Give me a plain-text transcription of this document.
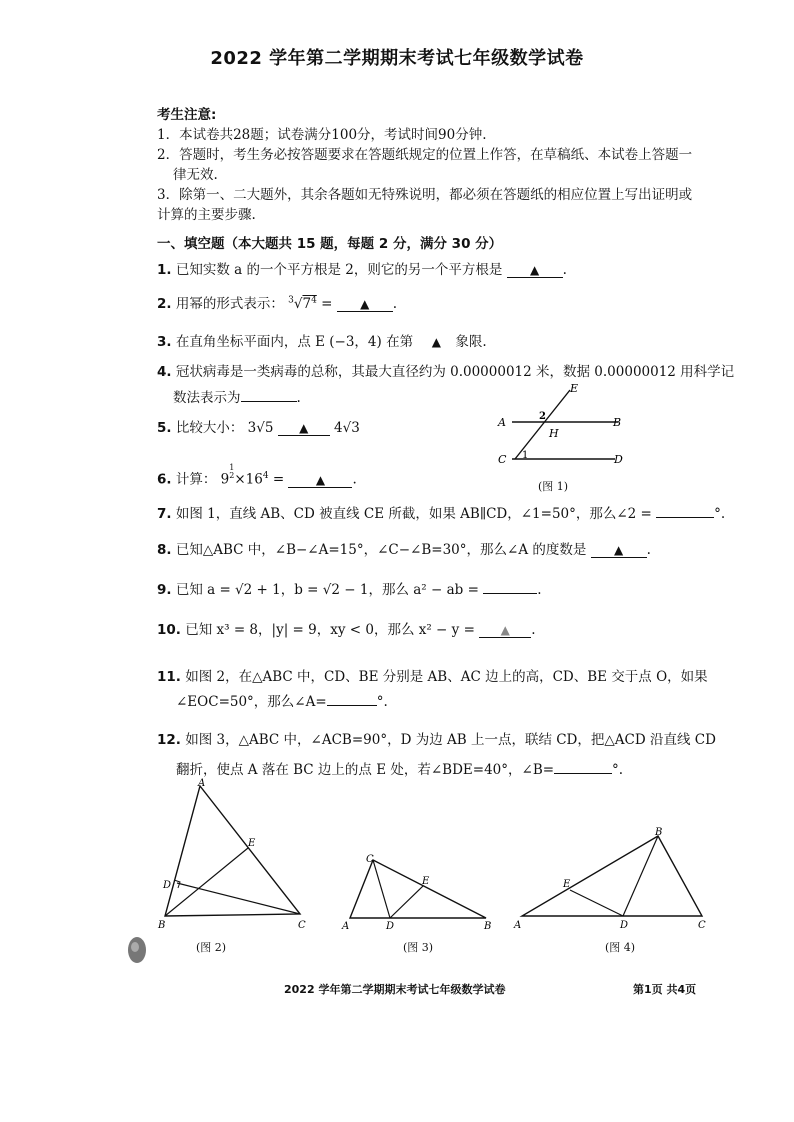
2022 学年第二学期期末考试七年级数学试卷
考生注意:
1．本试卷共28题；试卷满分100分，考试时间90分钟.
2．答题时，考生务必按答题要求在答题纸规定的位置上作答，在草稿纸、本试卷上答题一
律无效.
3．除第一、二大题外，其余各题如无特殊说明，都必须在答题纸的相应位置上写出证明或
计算的主要步骤.
一、填空题（本大题共 15 题，每题 2 分，满分 30 分）
1. 已知实数 a 的一个平方根是 2，则它的另一个平方根是 ▲ .
2. 用幂的形式表示： $^3√7^4$ = ▲ .
3. 在直角坐标平面内，点 E (−3，4) 在第 ▲ 象限.
4. 冠状病毒是一类病毒的总称，其最大直径约为 0.00000012 米，数据 0.00000012 用科学记
数法表示为	.
5. 比较大小： 3√5 ▲ 4√3
6. 计算： 91
$2\times 16^4$ =	▲ .
A	B
C	D
E
H
1
2
(图 1)
7. 如图 1，直线 AB、CD 被直线 CE 所截，如果 AB∥CD，∠1=50°，那么∠2 =	°.
8. 已知△ABC 中，∠B−∠A=15°，∠C−∠B=30°，那么∠A 的度数是 ▲ .
9. 已知 a = √2 + 1，b = √2 − 1，那么 a² − ab =	.
10. 已知 x³ = 8，|y| = 9，xy < 0，那么 x² − y = ▲ .
11. 如图 2，在△ABC 中，CD、BE 分别是 AB、AC 边上的高，CD、BE 交于点 O，如果
∠EOC=50°，那么∠A=	°.
12. 如图 3，△ABC 中，∠ACB=90°，D 为边 AB 上一点，联结 CD，把△ACD 沿直线 CD
翻折，使点 A 落在 BC 边上的点 E 处，若∠BDE=40°，∠B=	°.
A
B	C
D
E
(图 2)
C
A	D	B
E
(图 3)
B
A	D	C
E
(图 4)
2022 学年第二学期期末考试七年级数学试卷	第1页 共4页
